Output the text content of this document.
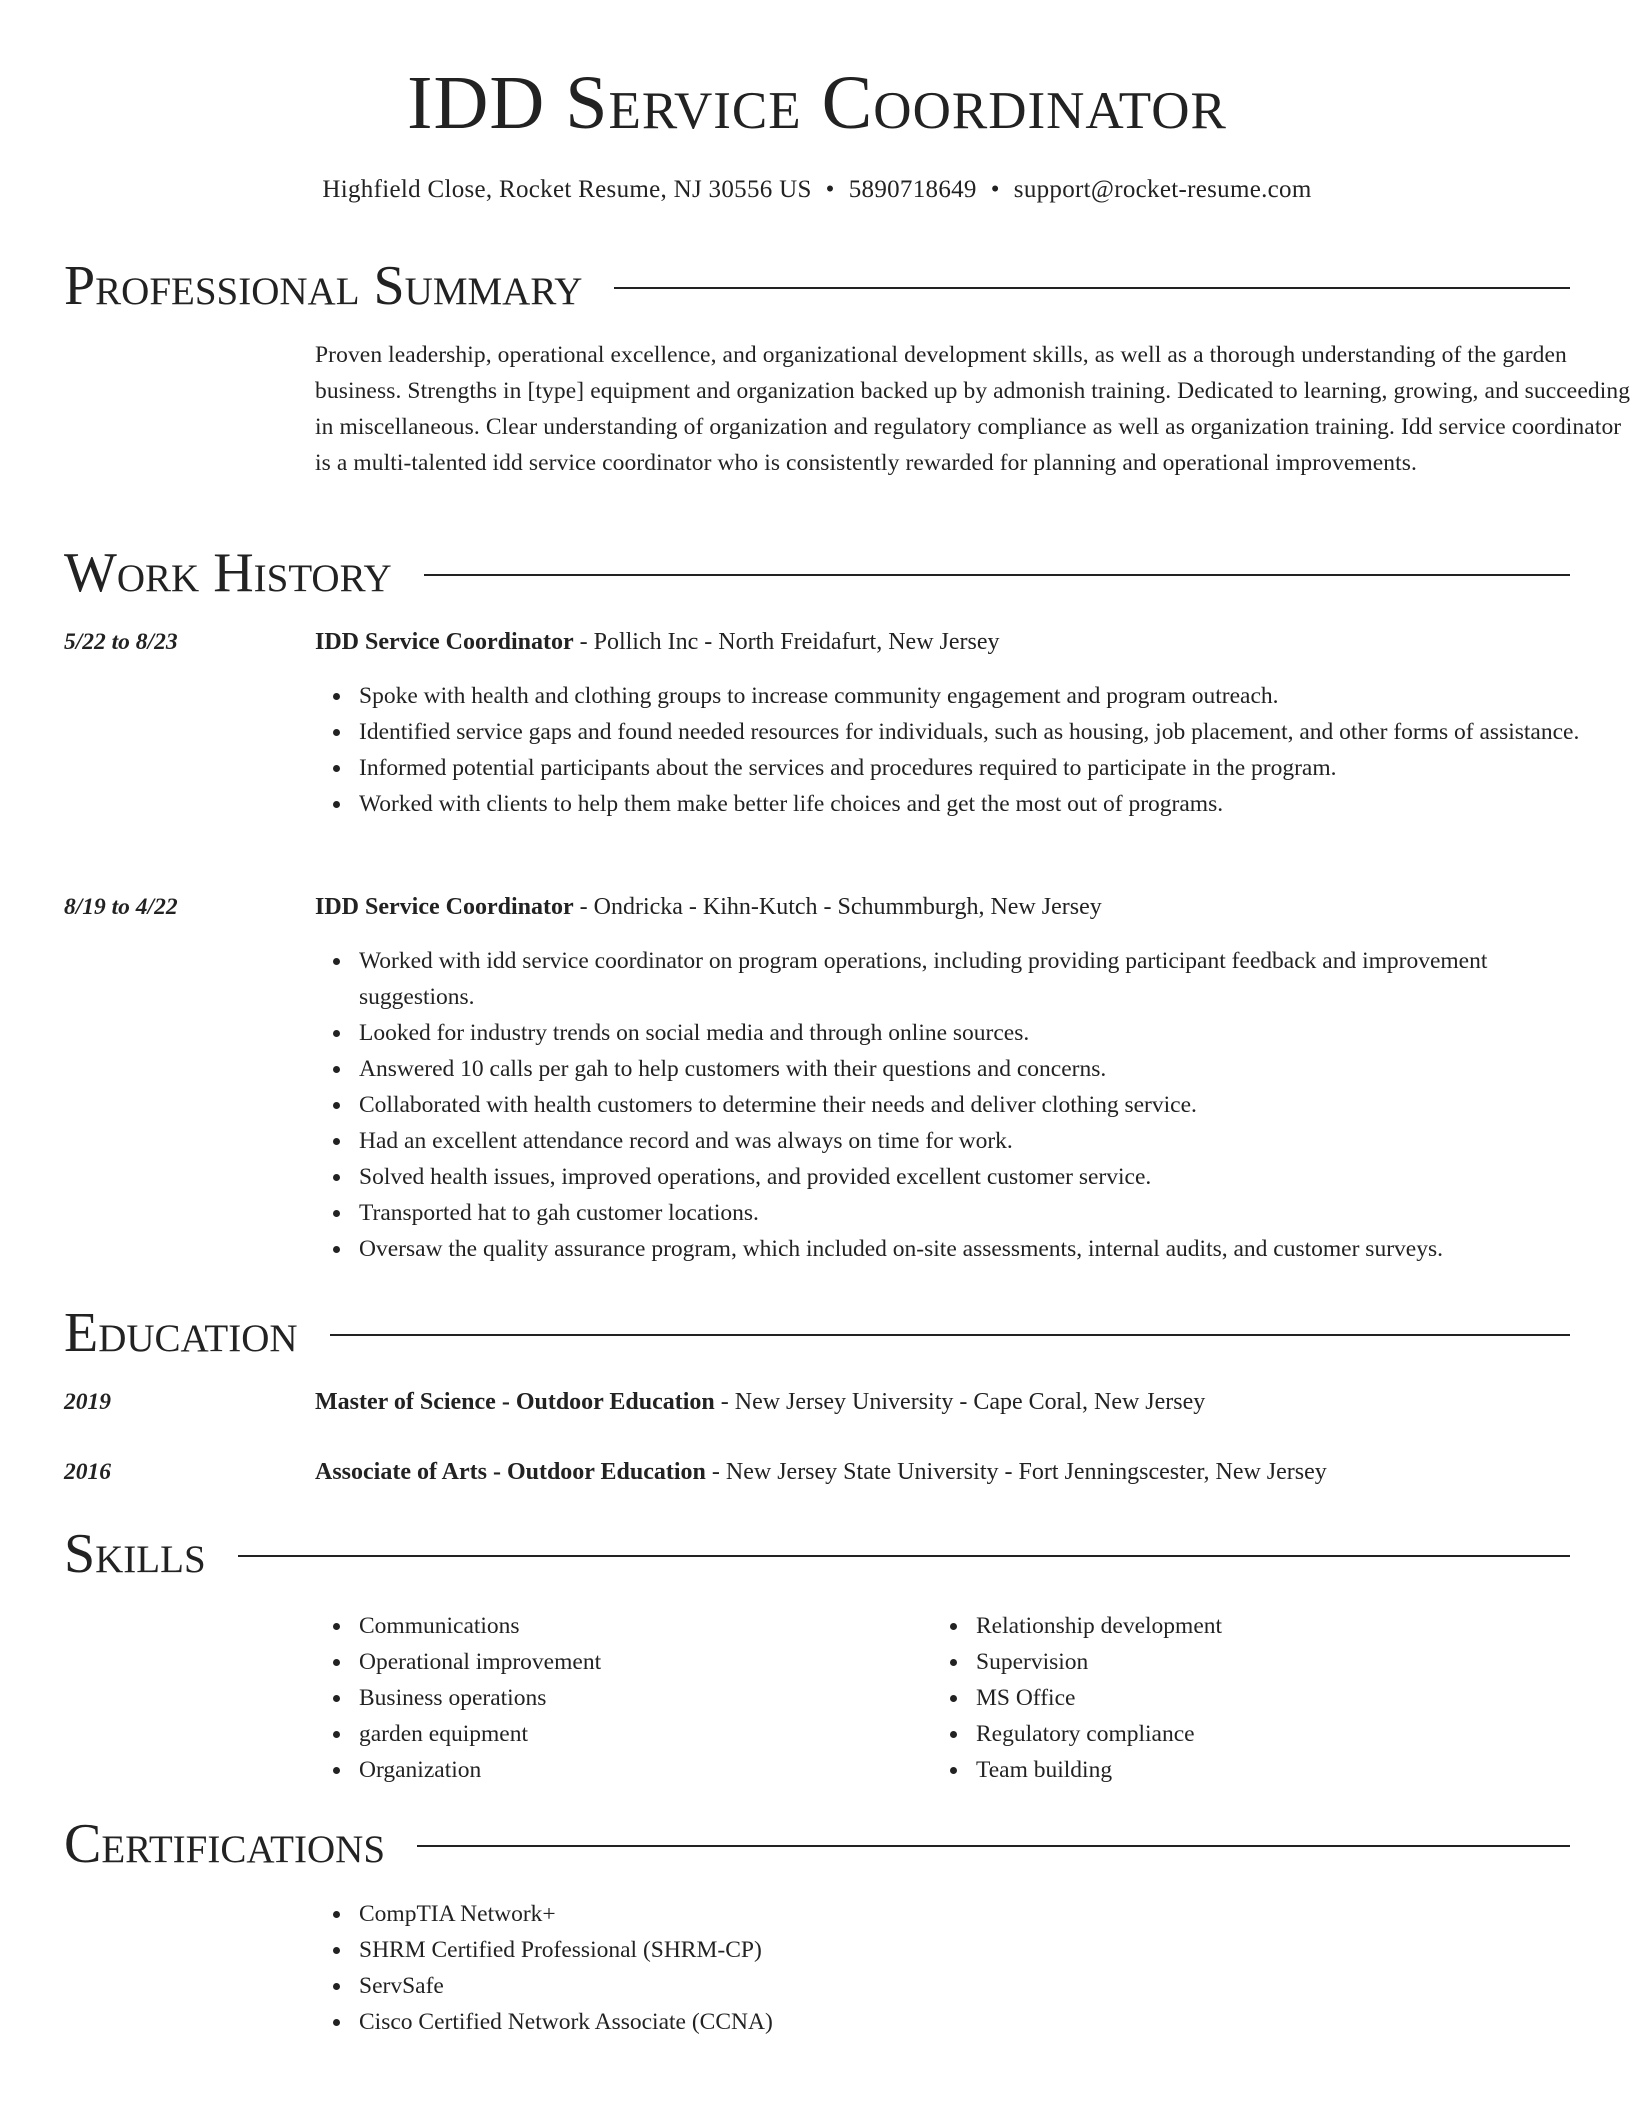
IDD Service Coordinator
Highfield Close, Rocket Resume, NJ 30556 US • 5890718649 • support@rocket-resume.com
Professional Summary

Proven leadership, operational excellence, and organizational development skills, as well as a thorough understanding of the garden business. Strengths in [type] equipment and organization backed up by admonish training. Dedicated to learning, growing, and succeeding in miscellaneous. Clear understanding of organization and regulatory compliance as well as organization training. Idd service coordinator is a multi-talented idd service coordinator who is consistently rewarded for planning and operational improvements.

Work History
5/22 to 8/23	IDD Service Coordinator - Pollich Inc - North Freidafurt, New Jersey
Spoke with health and clothing groups to increase community engagement and program outreach.
Identified service gaps and found needed resources for individuals, such as housing, job placement, and other forms of assistance.
Informed potential participants about the services and procedures required to participate in the program.
Worked with clients to help them make better life choices and get the most out of programs.
8/19 to 4/22	IDD Service Coordinator - Ondricka - Kihn-Kutch - Schummburgh, New Jersey
Worked with idd service coordinator on program operations, including providing participant feedback and improvement suggestions.
Looked for industry trends on social media and through online sources.
Answered 10 calls per gah to help customers with their questions and concerns.
Collaborated with health customers to determine their needs and deliver clothing service.
Had an excellent attendance record and was always on time for work.
Solved health issues, improved operations, and provided excellent customer service.
Transported hat to gah customer locations.
Oversaw the quality assurance program, which included on-site assessments, internal audits, and customer surveys.
Education
2019	Master of Science - Outdoor Education - New Jersey University - Cape Coral, New Jersey
2016	Associate of Arts - Outdoor Education - New Jersey State University - Fort Jenningscester, New Jersey
Skills
Communications
Operational improvement
Business operations
garden equipment
Organization
Relationship development
Supervision
MS Office
Regulatory compliance
Team building
Certifications
CompTIA Network+
SHRM Certified Professional (SHRM-CP)
ServSafe
Cisco Certified Network Associate (CCNA)
